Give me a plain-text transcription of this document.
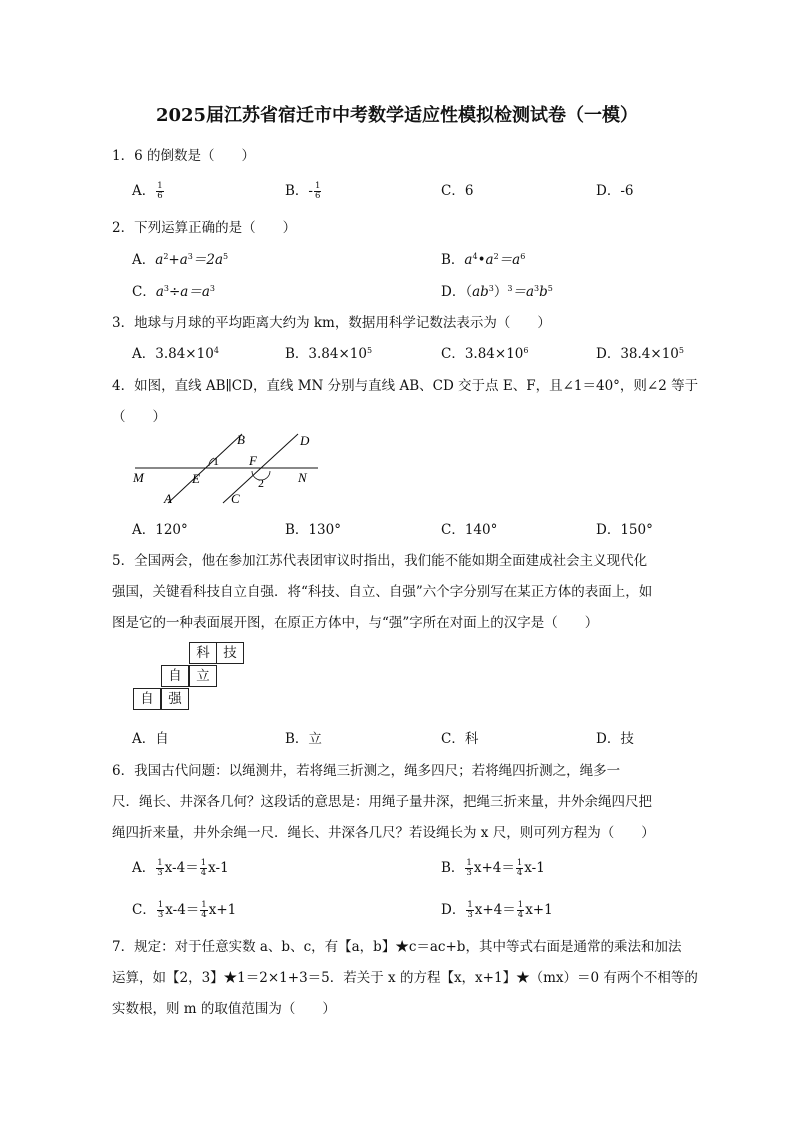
2025届江苏省宿迁市中考数学适应性模拟检测试卷（一模）
1．6 的倒数是（　　）
A． $\frac{1}{6}$	B．- $\frac{1}{6}$	C．6	D．-6
2．下列运算正确的是（　　）
A．$a^2+a^3=2a^5$	B．$a^4•a^2=a^6$
C．$a^3\div a=a^3$	D．$(ab^3)^3=a^3b^5$
3．地球与月球的平均距离大约为 km，数据用科学记数法表示为（　　）
A．$3.84\times 10^4$	B．$3.84\times 10^5$	C．$3.84\times 10^6$	D．$38.4\times 10^5$
4．如图，直线 AB∥CD，直线 MN 分别与直线 AB、CD 交于点 E、F，且∠1＝40°，则∠2 等于
（　　）
B	D
M	N
E
F
A	C
1
2
A．120°	B．130°	C．140°	D．150°
5．全国两会，他在参加江苏代表团审议时指出，我们能不能如期全面建成社会主义现代化
强国，关键看科技自立自强．将“科技、自立、自强”六个字分别写在某正方体的表面上，如
图是它的一种表面展开图，在原正方体中，与“强”字所在对面上的汉字是（　　）
科	技
自	立
自	强
A．自	B．立	C．科	D．技
6．我国古代问题：以绳测井，若将绳三折测之，绳多四尺；若将绳四折测之，绳多一
尺．绳长、井深各几何？这段话的意思是：用绳子量井深，把绳三折来量，井外余绳四尺把
绳四折来量，井外余绳一尺．绳长、井深各几尺？若设绳长为 x 尺，则可列方程为（　　）
A． $\frac{1}{3} x-4= \frac{1}{4} x-1$	B． $\frac{1}{3} x+4= \frac{1}{4} x-1$
C． $\frac{1}{3} x-4= \frac{1}{4} x+1$	D． $\frac{1}{3} x+4= \frac{1}{4} x+1$
7．规定：对于任意实数 a、b、c，有【a，b】★c＝ac+b，其中等式右面是通常的乘法和加法
运算，如【2，3】★1＝2×1+3＝5．若关于 x 的方程【x，x+1】★（mx）＝0 有两个不相等的
实数根，则 m 的取值范围为（　　）
